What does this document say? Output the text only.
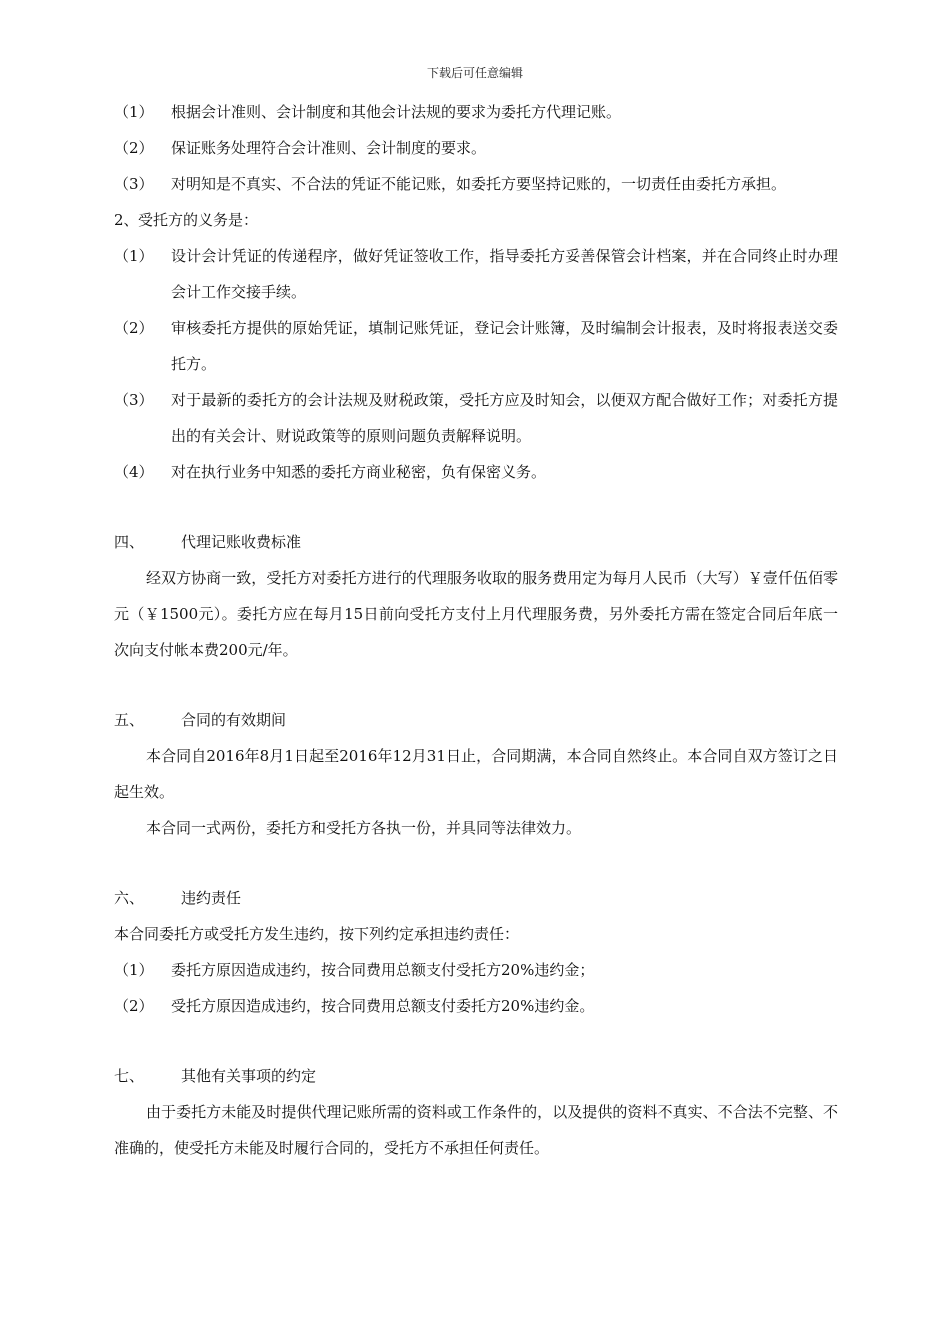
下载后可任意编辑
（1）	根据会计准则、会计制度和其他会计法规的要求为委托方代理记账。
（2）	保证账务处理符合会计准则、会计制度的要求。
（3）	对明知是不真实、不合法的凭证不能记账，如委托方要坚持记账的，一切责任由委托方承担。
2、 受托方的义务是：
（1）	设计会计凭证的传递程序，做好凭证签收工作，指导委托方妥善保管会计档案，并在合同终止时办理会计工作交接手续。
（2）	审核委托方提供的原始凭证，填制记账凭证，登记会计账簿，及时编制会计报表，及时将报表送交委托方。
（3）	对于最新的委托方的会计法规及财税政策，受托方应及时知会，以便双方配合做好工作；对委托方提出的有关会计、财说政策等的原则问题负责解释说明。
（4）	对在执行业务中知悉的委托方商业秘密，负有保密义务。
四、	代理记账收费标准
经双方协商一致，受托方对委托方进行的代理服务收取的服务费用定为每月人民币（大写）￥壹仟伍佰零元（￥1500元）。委托方应在每月15日前向受托方支付上月代理服务费，另外委托方需在签定合同后年底一次向支付帐本费200元/年。
五、	合同的有效期间
本合同自2016年8月1日起至2016年12月31日止，合同期满，本合同自然终止。本合同自双方签订之日起生效。
本合同一式两份，委托方和受托方各执一份，并具同等法律效力。
六、	违约责任
本合同委托方或受托方发生违约，按下列约定承担违约责任：
（1）	委托方原因造成违约，按合同费用总额支付受托方20%违约金；
（2）	受托方原因造成违约，按合同费用总额支付委托方20%违约金。
七、	其他有关事项的约定
由于委托方未能及时提供代理记账所需的资料或工作条件的，以及提供的资料不真实、不合法不完整、不准确的，使受托方未能及时履行合同的，受托方不承担任何责任。
